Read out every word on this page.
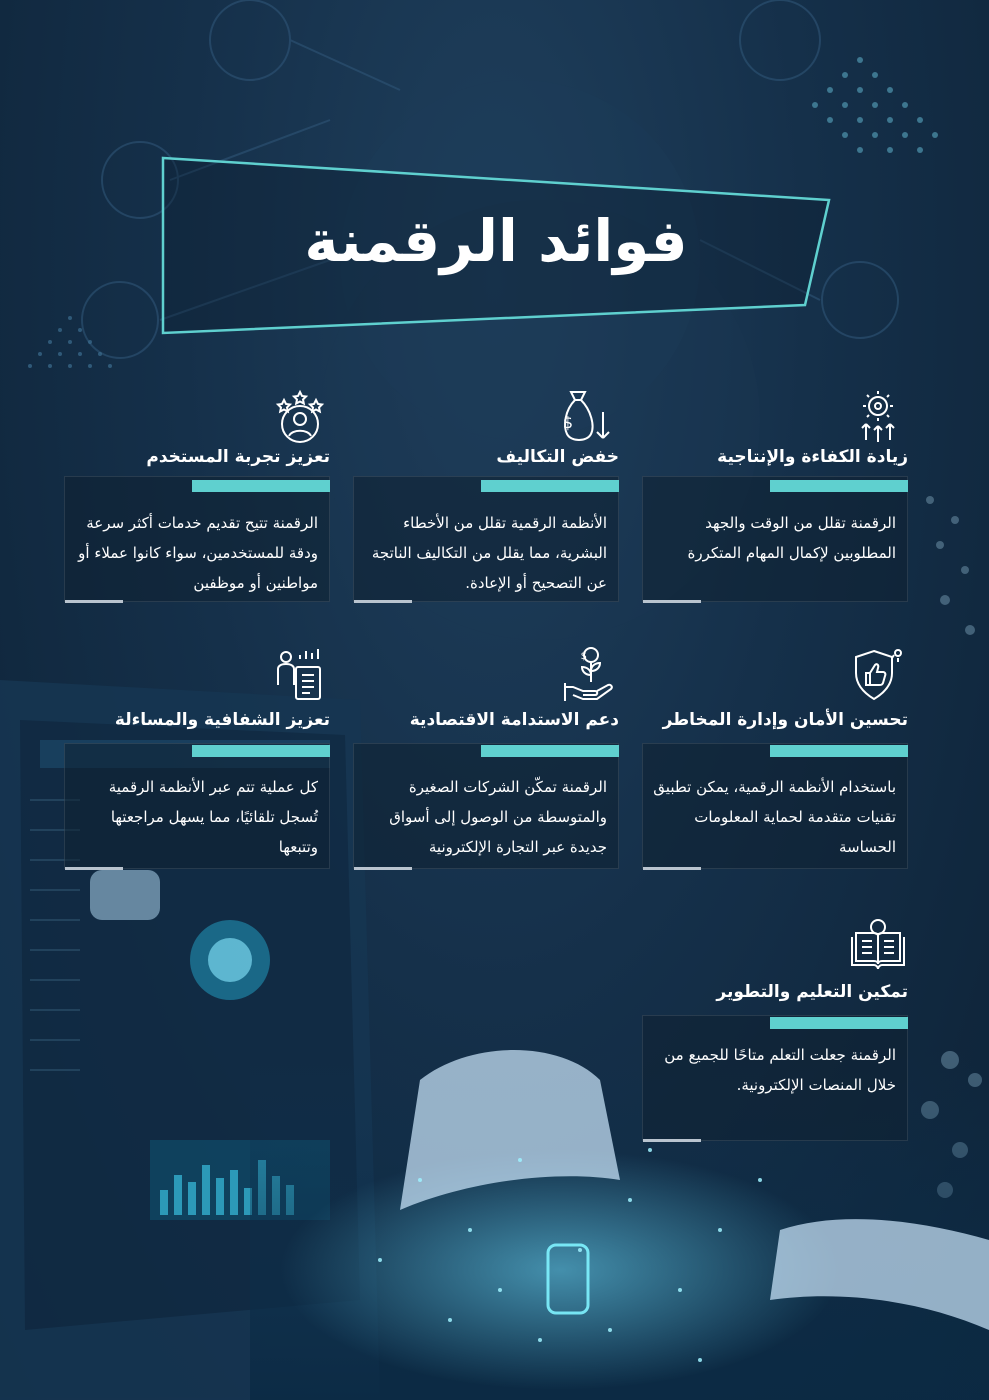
فوائد الرقمنة
زيادة الكفاءة والإنتاجية
الرقمنة تقلل من الوقت والجهد المطلوبين لإكمال المهام المتكررة
$
خفض التكاليف
الأنظمة الرقمية تقلل من الأخطاء البشرية، مما يقلل من التكاليف الناتجة عن التصحيح أو الإعادة.
تعزيز تجربة المستخدم
الرقمنة تتيح تقديم خدمات أكثر سرعة ودقة للمستخدمين، سواء كانوا عملاء أو مواطنين أو موظفين
تحسين الأمان وإدارة المخاطر
باستخدام الأنظمة الرقمية، يمكن تطبيق تقنيات متقدمة لحماية المعلومات الحساسة
$
دعم الاستدامة الاقتصادية
الرقمنة تمكّن الشركات الصغيرة والمتوسطة من الوصول إلى أسواق جديدة عبر التجارة الإلكترونية
تعزيز الشفافية والمساءلة
كل عملية تتم عبر الأنظمة الرقمية تُسجل تلقائيًا، مما يسهل مراجعتها وتتبعها
تمكين التعليم والتطوير
الرقمنة جعلت التعلم متاحًا للجميع من خلال المنصات الإلكترونية.
